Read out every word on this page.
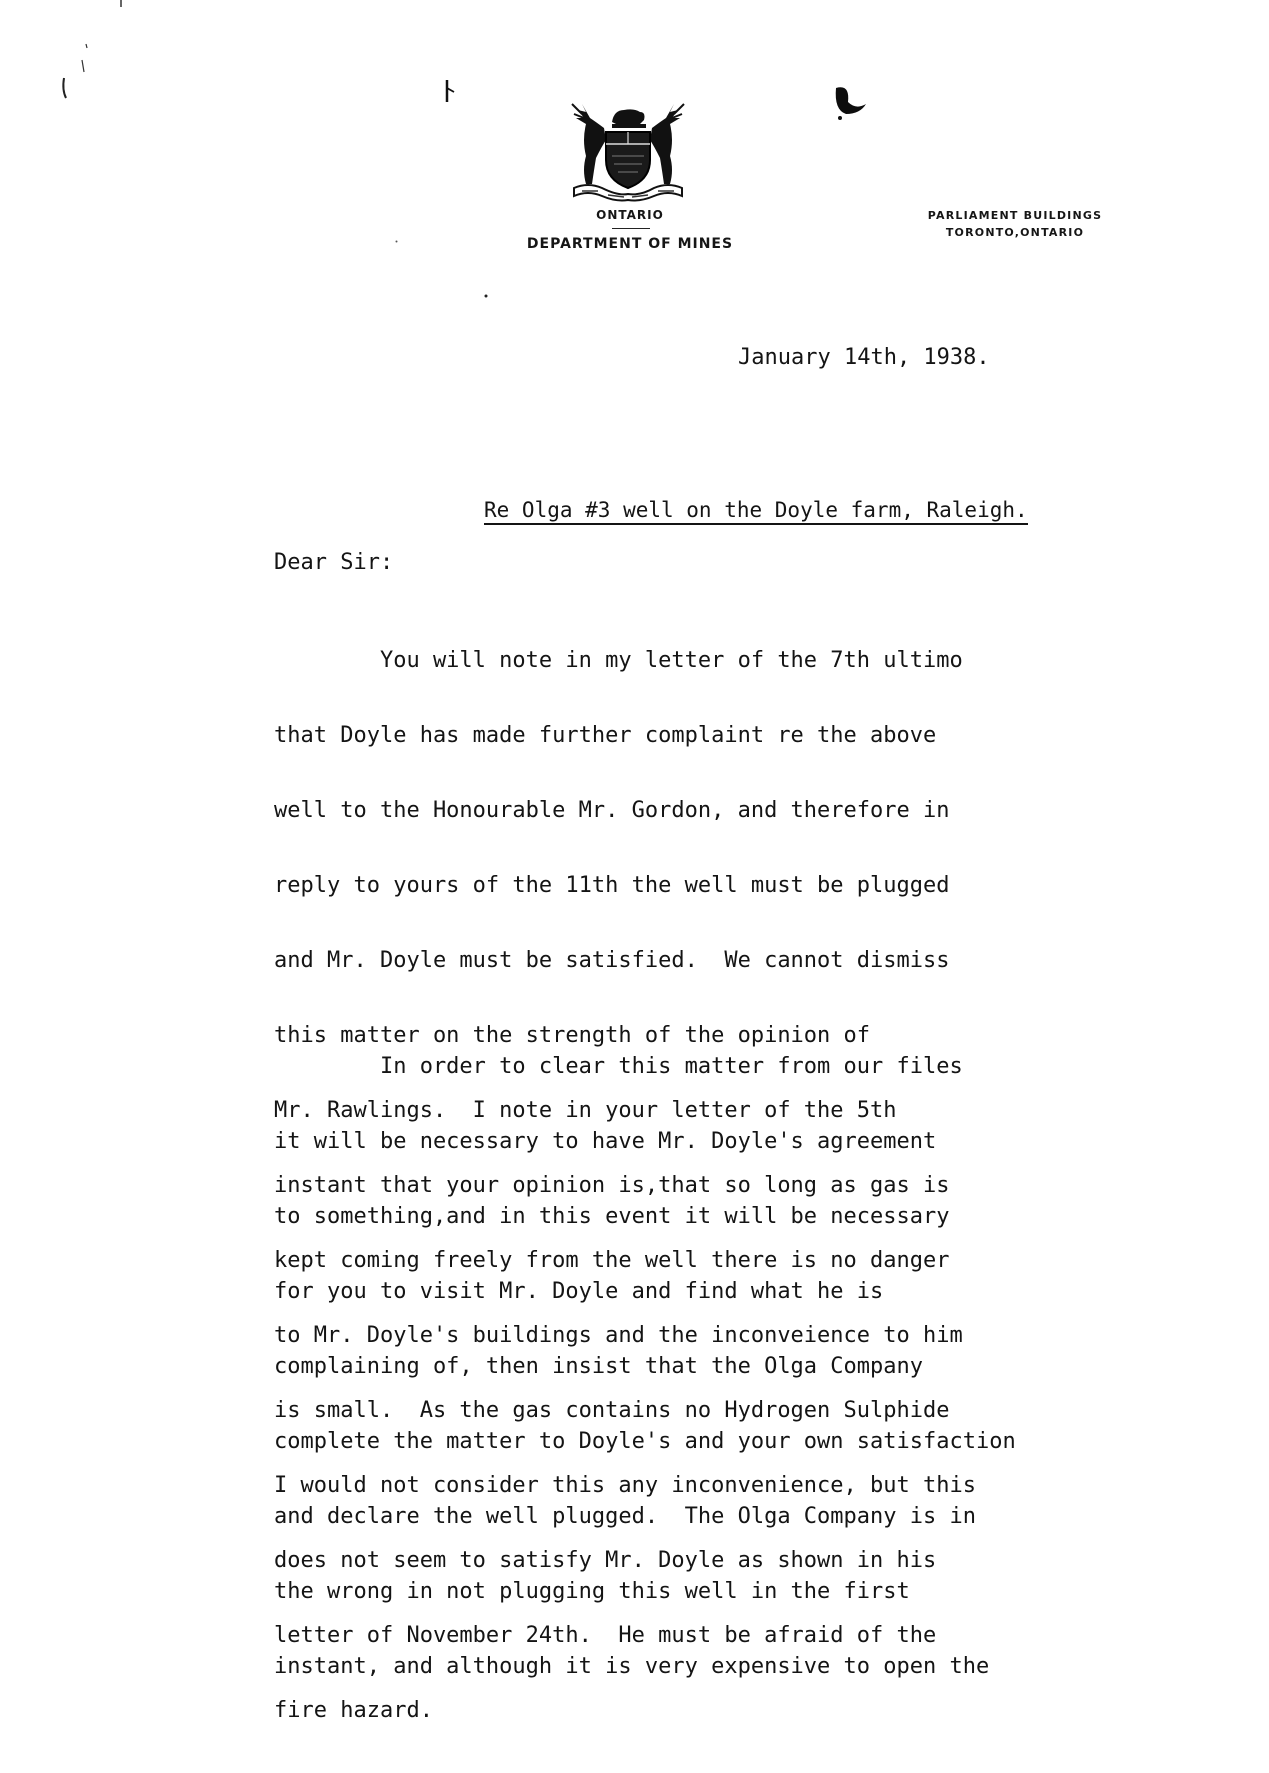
ONTARIO
DEPARTMENT OF MINES
PARLIAMENT BUILDINGS
TORONTO,ONTARIO
January 14th, 1938.
Re Olga #3 well on the Doyle farm, Raleigh.
Dear Sir:

You will note in my letter of the 7th ultimo

that Doyle has made further complaint re the above

well to the Honourable Mr. Gordon, and therefore in

reply to yours of the 11th the well must be plugged

and Mr. Doyle must be satisfied.  We cannot dismiss

this matter on the strength of the opinion of

Mr. Rawlings.  I note in your letter of the 5th

instant that your opinion is,that so long as gas is

kept coming freely from the well there is no danger

to Mr. Doyle's buildings and the inconveience to him

is small.  As the gas contains no Hydrogen Sulphide

I would not consider this any inconvenience, but this

does not seem to satisfy Mr. Doyle as shown in his

letter of November 24th.  He must be afraid of the

fire hazard.

In order to clear this matter from our files

it will be necessary to have Mr. Doyle's agreement

to something,and in this event it will be necessary

for you to visit Mr. Doyle and find what he is

complaining of, then insist that the Olga Company

complete the matter to Doyle's and your own satisfaction

and declare the well plugged.  The Olga Company is in

the wrong in not plugging this well in the first

instant, and although it is very expensive to open the
